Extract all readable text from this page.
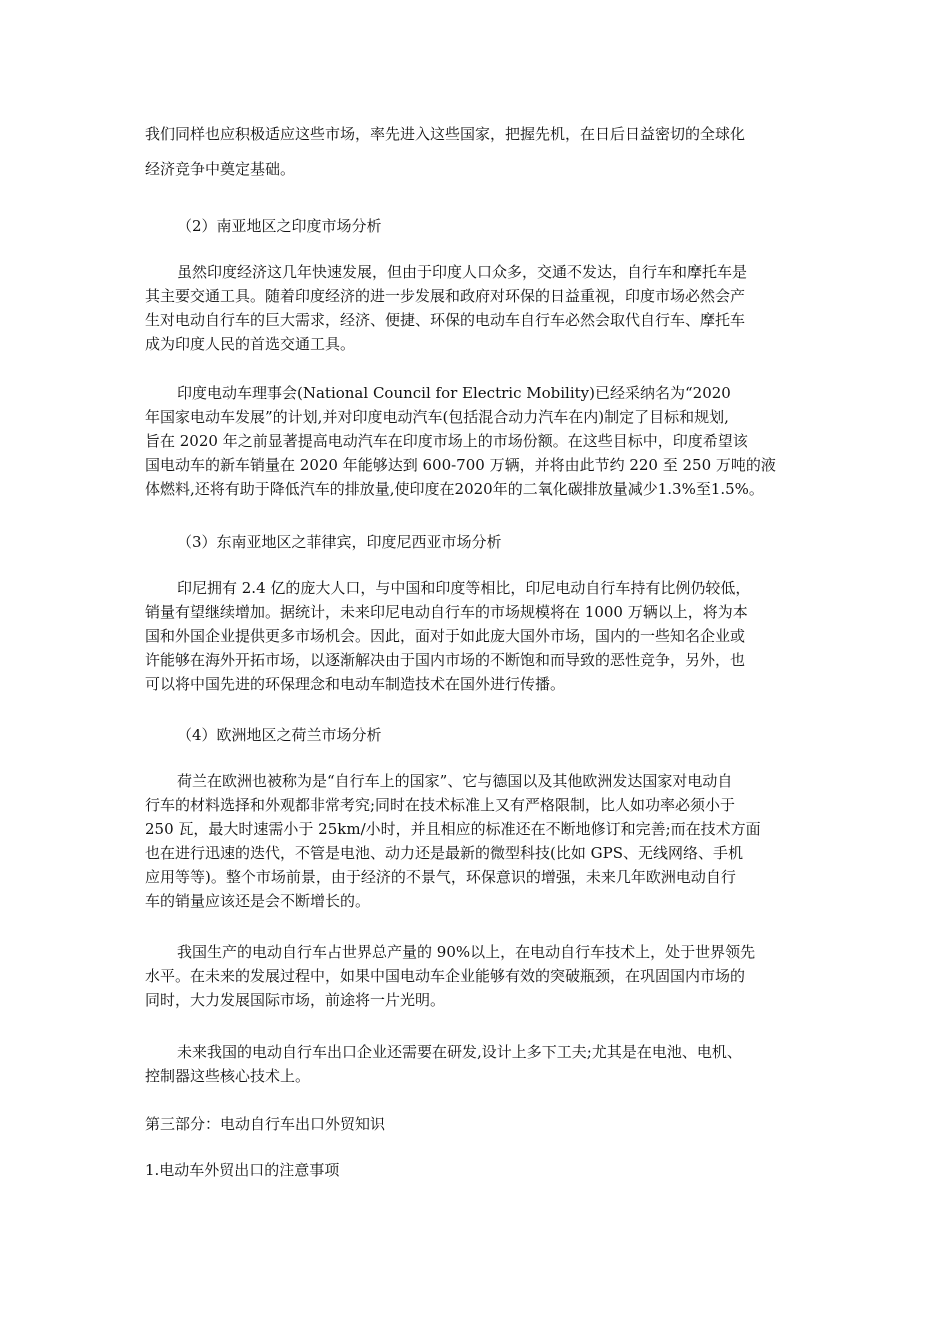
我们同样也应积极适应这些市场，率先进入这些国家，把握先机，在日后日益密切的全球化
经济竞争中奠定基础。
（2）南亚地区之印度市场分析
虽然印度经济这几年快速发展，但由于印度人口众多，交通不发达，自行车和摩托车是
其主要交通工具。随着印度经济的进一步发展和政府对环保的日益重视，印度市场必然会产
生对电动自行车的巨大需求，经济、便捷、环保的电动车自行车必然会取代自行车、摩托车
成为印度人民的首选交通工具。
印度电动车理事会(National Council for Electric Mobility)已经采纳名为“2020
年国家电动车发展”的计划,并对印度电动汽车(包括混合动力汽车在内)制定了目标和规划,
旨在 2020 年之前显著提高电动汽车在印度市场上的市场份额。在这些目标中，印度希望该
国电动车的新车销量在 2020 年能够达到 600-700 万辆，并将由此节约 220 至 250 万吨的液
体燃料,还将有助于降低汽车的排放量,使印度在2020年的二氧化碳排放量减少1.3%至1.5%。
（3）东南亚地区之菲律宾，印度尼西亚市场分析
印尼拥有 2.4 亿的庞大人口，与中国和印度等相比，印尼电动自行车持有比例仍较低，
销量有望继续增加。据统计，未来印尼电动自行车的市场规模将在 1000 万辆以上，将为本
国和外国企业提供更多市场机会。因此，面对于如此庞大国外市场，国内的一些知名企业或
许能够在海外开拓市场，以逐渐解决由于国内市场的不断饱和而导致的恶性竞争，另外，也
可以将中国先进的环保理念和电动车制造技术在国外进行传播。
（4）欧洲地区之荷兰市场分析
荷兰在欧洲也被称为是“自行车上的国家”、它与德国以及其他欧洲发达国家对电动自
行车的材料选择和外观都非常考究;同时在技术标准上又有严格限制，比人如功率必须小于
250 瓦，最大时速需小于 25km/小时，并且相应的标准还在不断地修订和完善;而在技术方面
也在进行迅速的迭代，不管是电池、动力还是最新的微型科技(比如 GPS、无线网络、手机
应用等等)。整个市场前景，由于经济的不景气，环保意识的增强，未来几年欧洲电动自行
车的销量应该还是会不断增长的。
我国生产的电动自行车占世界总产量的 90%以上，在电动自行车技术上，处于世界领先
水平。在未来的发展过程中，如果中国电动车企业能够有效的突破瓶颈，在巩固国内市场的
同时，大力发展国际市场，前途将一片光明。
未来我国的电动自行车出口企业还需要在研发,设计上多下工夫;尤其是在电池、电机、
控制器这些核心技术上。
第三部分：电动自行车出口外贸知识
1.电动车外贸出口的注意事项
